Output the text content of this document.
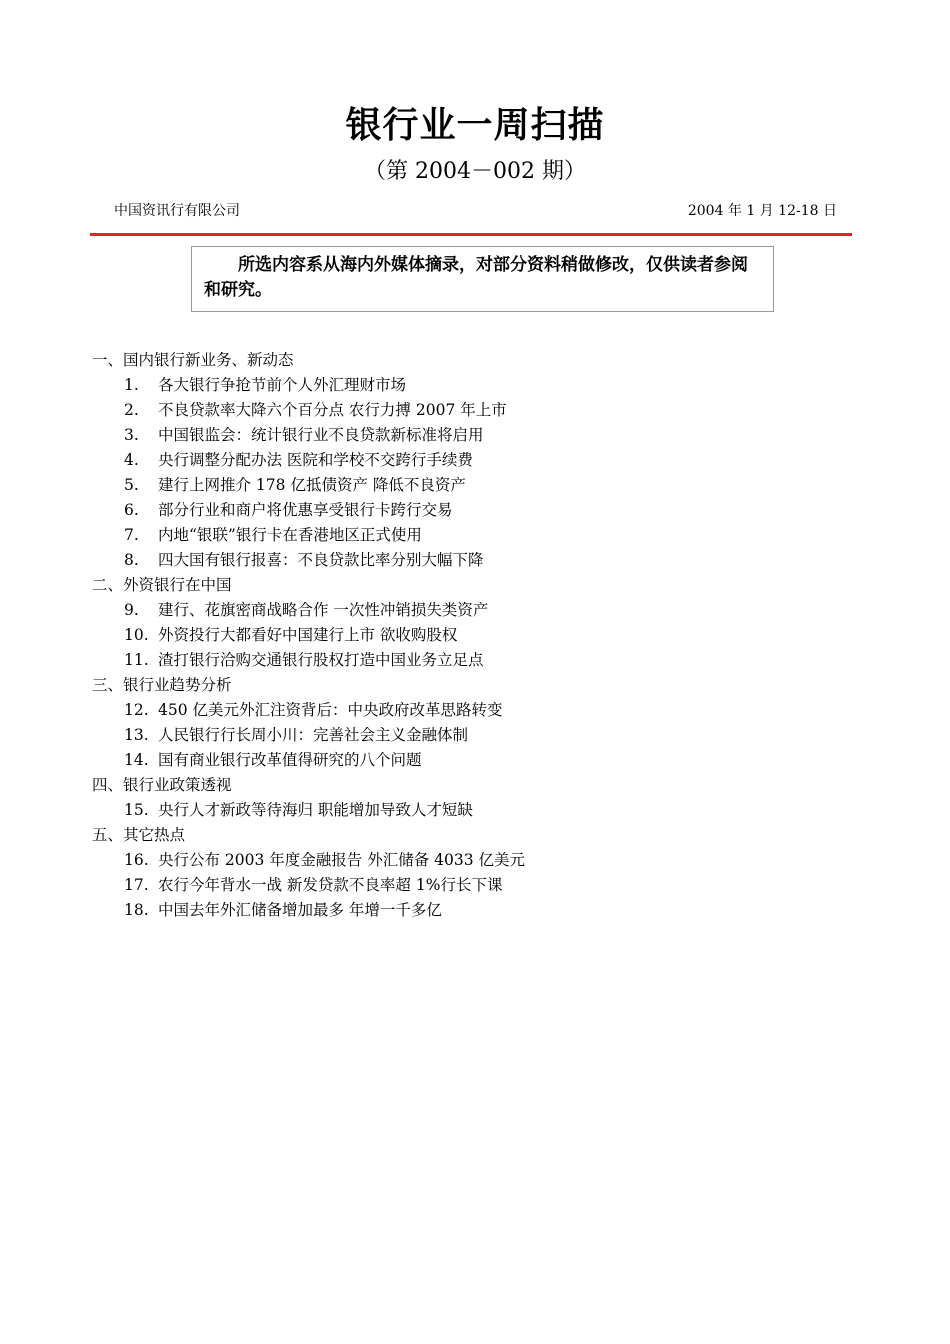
银行业一周扫描
（第 2004－002 期）
中国资讯行有限公司	2004 年 1 月 12-18 日
所选内容系从海内外媒体摘录，对部分资料稍做修改，仅供读者参阅和研究。
一、国内银行新业务、新动态
1. 各大银行争抢节前个人外汇理财市场
2. 不良贷款率大降六个百分点 农行力搏 2007 年上市
3. 中国银监会：统计银行业不良贷款新标准将启用
4. 央行调整分配办法 医院和学校不交跨行手续费
5. 建行上网推介 178 亿抵债资产 降低不良资产
6. 部分行业和商户将优惠享受银行卡跨行交易
7. 内地“银联”银行卡在香港地区正式使用
8. 四大国有银行报喜：不良贷款比率分别大幅下降
二、外资银行在中国
9. 建行、花旗密商战略合作 一次性冲销损失类资产
10. 外资投行大都看好中国建行上市 欲收购股权
11. 渣打银行洽购交通银行股权打造中国业务立足点
三、银行业趋势分析
12. 450 亿美元外汇注资背后：中央政府改革思路转变
13. 人民银行行长周小川：完善社会主义金融体制
14. 国有商业银行改革值得研究的八个问题
四、银行业政策透视
15. 央行人才新政等待海归 职能增加导致人才短缺
五、其它热点
16. 央行公布 2003 年度金融报告 外汇储备 4033 亿美元
17. 农行今年背水一战 新发贷款不良率超 1%行长下课
18. 中国去年外汇储备增加最多 年增一千多亿
